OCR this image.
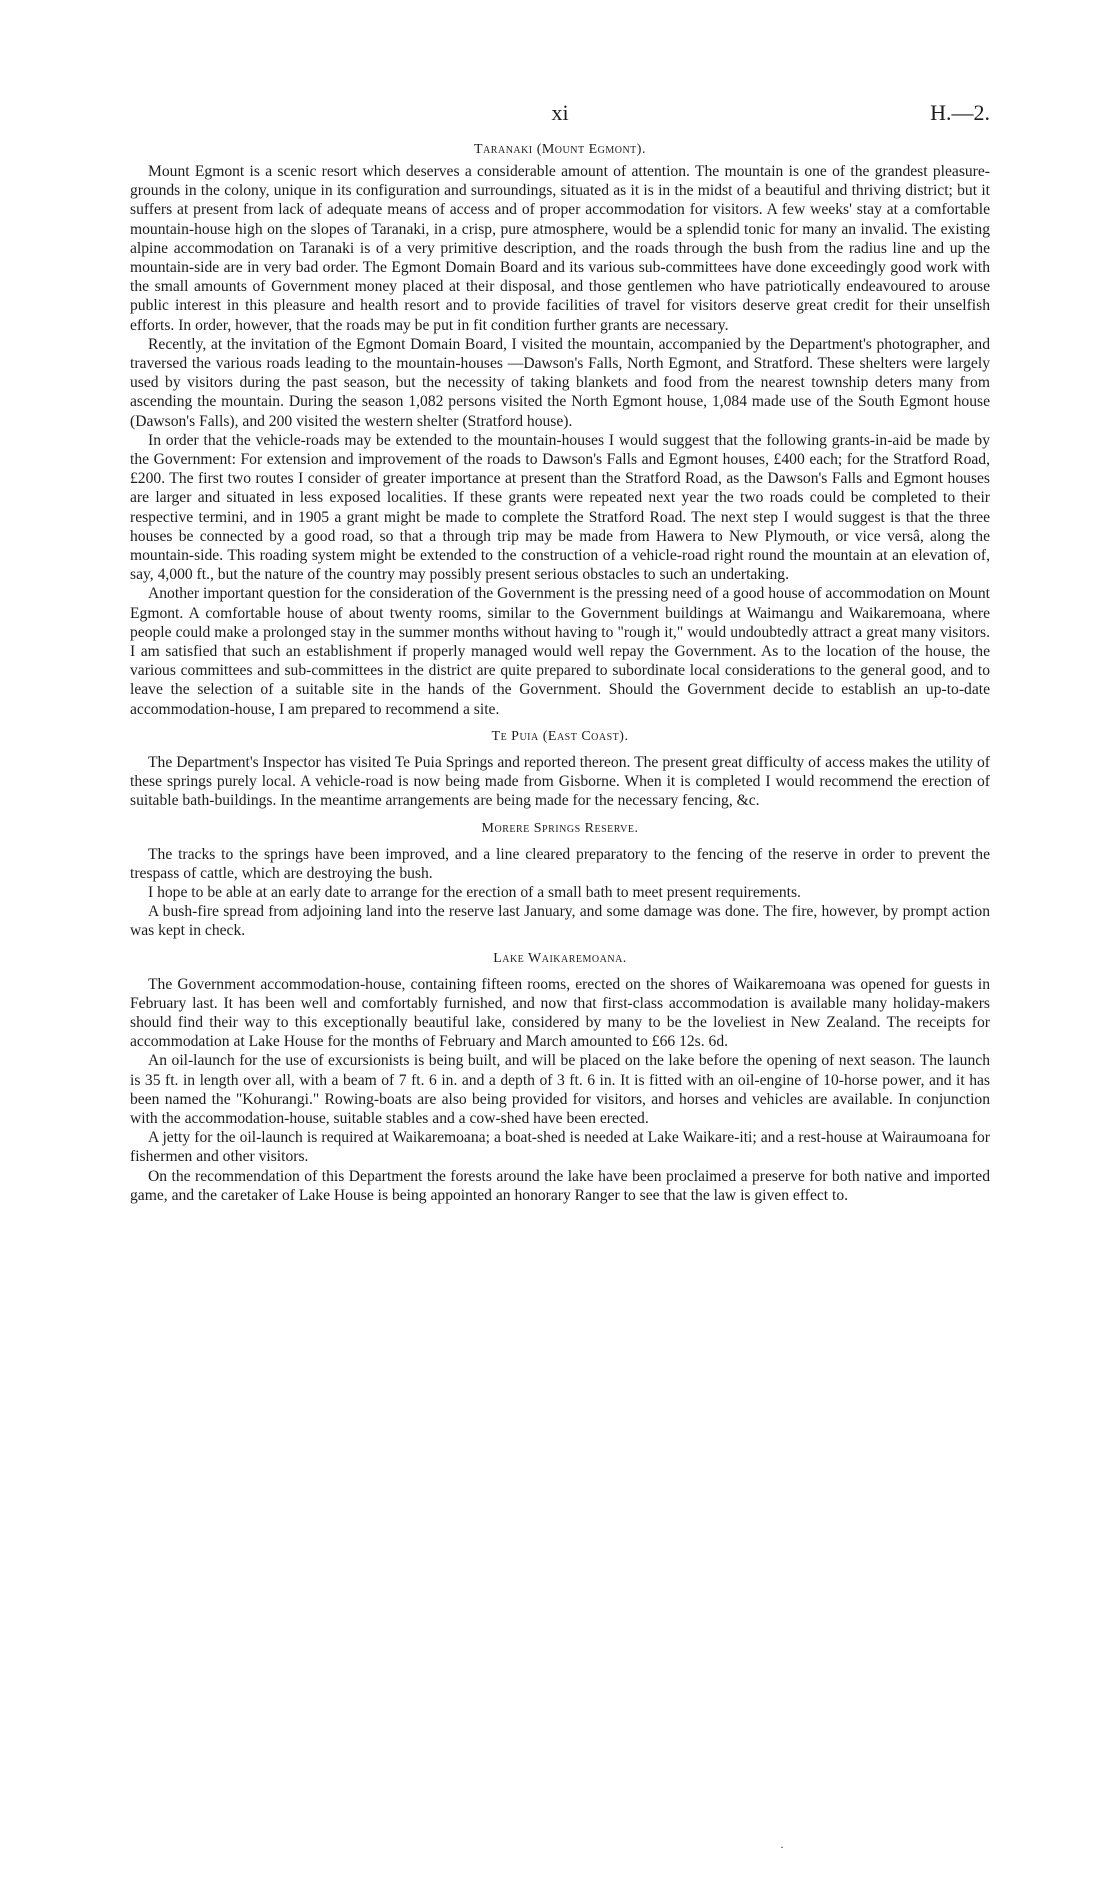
xi	H.—2.
Taranaki (Mount Egmont).

Mount Egmont is a scenic resort which deserves a considerable amount of attention. The mountain is one of the grandest pleasure-grounds in the colony, unique in its configuration and surroundings, situated as it is in the midst of a beautiful and thriving district; but it suffers at present from lack of adequate means of access and of proper accommodation for visitors. A few weeks' stay at a comfortable mountain-house high on the slopes of Taranaki, in a crisp, pure atmosphere, would be a splendid tonic for many an invalid. The existing alpine accommodation on Taranaki is of a very primitive description, and the roads through the bush from the radius line and up the mountain-side are in very bad order. The Egmont Domain Board and its various sub-committees have done exceedingly good work with the small amounts of Government money placed at their disposal, and those gentlemen who have patriotically endeavoured to arouse public interest in this pleasure and health resort and to provide facilities of travel for visitors deserve great credit for their unselfish efforts. In order, however, that the roads may be put in fit condition further grants are necessary.

Recently, at the invitation of the Egmont Domain Board, I visited the mountain, accompanied by the Department's photographer, and traversed the various roads leading to the mountain-houses —Dawson's Falls, North Egmont, and Stratford. These shelters were largely used by visitors during the past season, but the necessity of taking blankets and food from the nearest township deters many from ascending the mountain. During the season 1,082 persons visited the North Egmont house, 1,084 made use of the South Egmont house (Dawson's Falls), and 200 visited the western shelter (Stratford house).

In order that the vehicle-roads may be extended to the mountain-houses I would suggest that the following grants-in-aid be made by the Government: For extension and improvement of the roads to Dawson's Falls and Egmont houses, £400 each; for the Stratford Road, £200. The first two routes I consider of greater importance at present than the Stratford Road, as the Dawson's Falls and Egmont houses are larger and situated in less exposed localities. If these grants were repeated next year the two roads could be completed to their respective termini, and in 1905 a grant might be made to complete the Stratford Road. The next step I would suggest is that the three houses be connected by a good road, so that a through trip may be made from Hawera to New Plymouth, or vice versâ, along the mountain-side. This roading system might be extended to the construction of a vehicle-road right round the mountain at an elevation of, say, 4,000 ft., but the nature of the country may possibly present serious obstacles to such an undertaking.

Another important question for the consideration of the Government is the pressing need of a good house of accommodation on Mount Egmont. A comfortable house of about twenty rooms, similar to the Government buildings at Waimangu and Waikaremoana, where people could make a prolonged stay in the summer months without having to "rough it," would undoubtedly attract a great many visitors. I am satisfied that such an establishment if properly managed would well repay the Government. As to the location of the house, the various committees and sub-committees in the district are quite prepared to subordinate local considerations to the general good, and to leave the selection of a suitable site in the hands of the Government. Should the Government decide to establish an up-to-date accommodation-house, I am prepared to recommend a site.

Te Puia (East Coast).

The Department's Inspector has visited Te Puia Springs and reported thereon. The present great difficulty of access makes the utility of these springs purely local. A vehicle-road is now being made from Gisborne. When it is completed I would recommend the erection of suitable bath-buildings. In the meantime arrangements are being made for the necessary fencing, &c.

Morere Springs Reserve.

The tracks to the springs have been improved, and a line cleared preparatory to the fencing of the reserve in order to prevent the trespass of cattle, which are destroying the bush.

I hope to be able at an early date to arrange for the erection of a small bath to meet present requirements.

A bush-fire spread from adjoining land into the reserve last January, and some damage was done. The fire, however, by prompt action was kept in check.

Lake Waikaremoana.

The Government accommodation-house, containing fifteen rooms, erected on the shores of Waikaremoana was opened for guests in February last. It has been well and comfortably furnished, and now that first-class accommodation is available many holiday-makers should find their way to this exceptionally beautiful lake, considered by many to be the loveliest in New Zealand. The receipts for accommodation at Lake House for the months of February and March amounted to £66 12s. 6d.

An oil-launch for the use of excursionists is being built, and will be placed on the lake before the opening of next season. The launch is 35 ft. in length over all, with a beam of 7 ft. 6 in. and a depth of 3 ft. 6 in. It is fitted with an oil-engine of 10-horse power, and it has been named the "Kohurangi." Rowing-boats are also being provided for visitors, and horses and vehicles are available. In conjunction with the accommodation-house, suitable stables and a cow-shed have been erected.

A jetty for the oil-launch is required at Waikaremoana; a boat-shed is needed at Lake Waikare-iti; and a rest-house at Wairaumoana for fishermen and other visitors.

On the recommendation of this Department the forests around the lake have been proclaimed a preserve for both native and imported game, and the caretaker of Lake House is being appointed an honorary Ranger to see that the law is given effect to.

·
